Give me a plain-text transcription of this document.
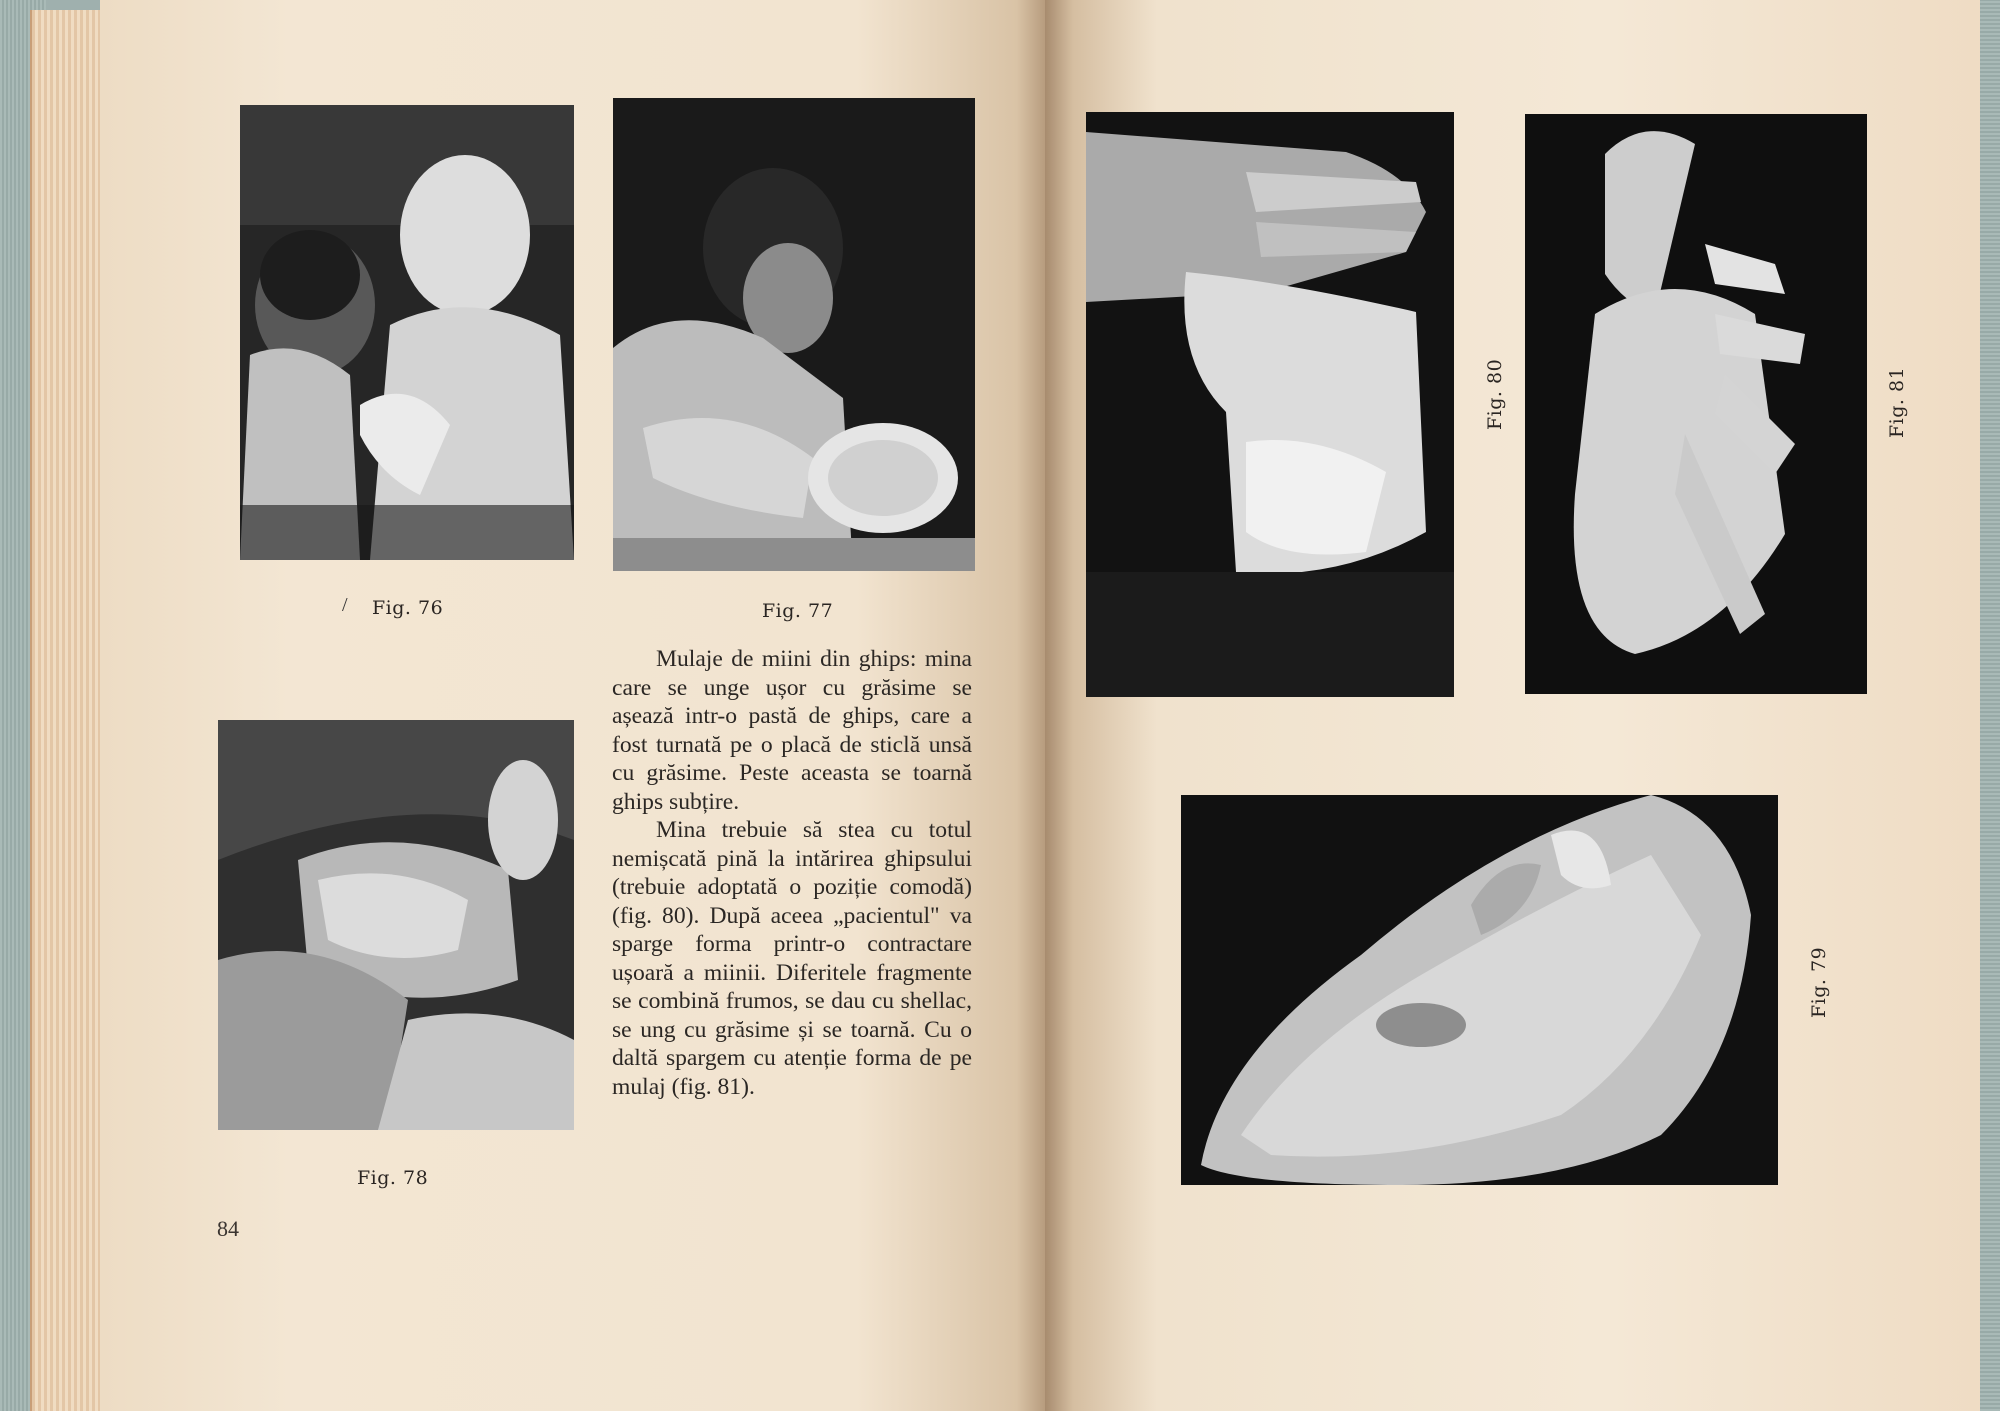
Fig. 76
/	Fig. 77
Fig. 78

Mulaje de miini din ghips: mina care se unge ușor cu grăsime se așează intr-o pastă de ghips, care a fost turnată pe o placă de sticlă unsă cu grăsime. Peste aceasta se toarnă ghips subțire.

Mina trebuie să stea cu totul nemișcată pină la intărirea ghipsului (trebuie adoptată o poziție comodă) (fig. 80). După aceea „pacientul" va sparge forma printr-o contractare ușoară a miinii. Diferitele fragmente se combină frumos, se dau cu shellac, se ung cu grăsime și se toarnă. Cu o daltă spargem cu atenție forma de pe mulaj (fig. 81).

84
Fig. 80	Fig. 81
Fig. 79
